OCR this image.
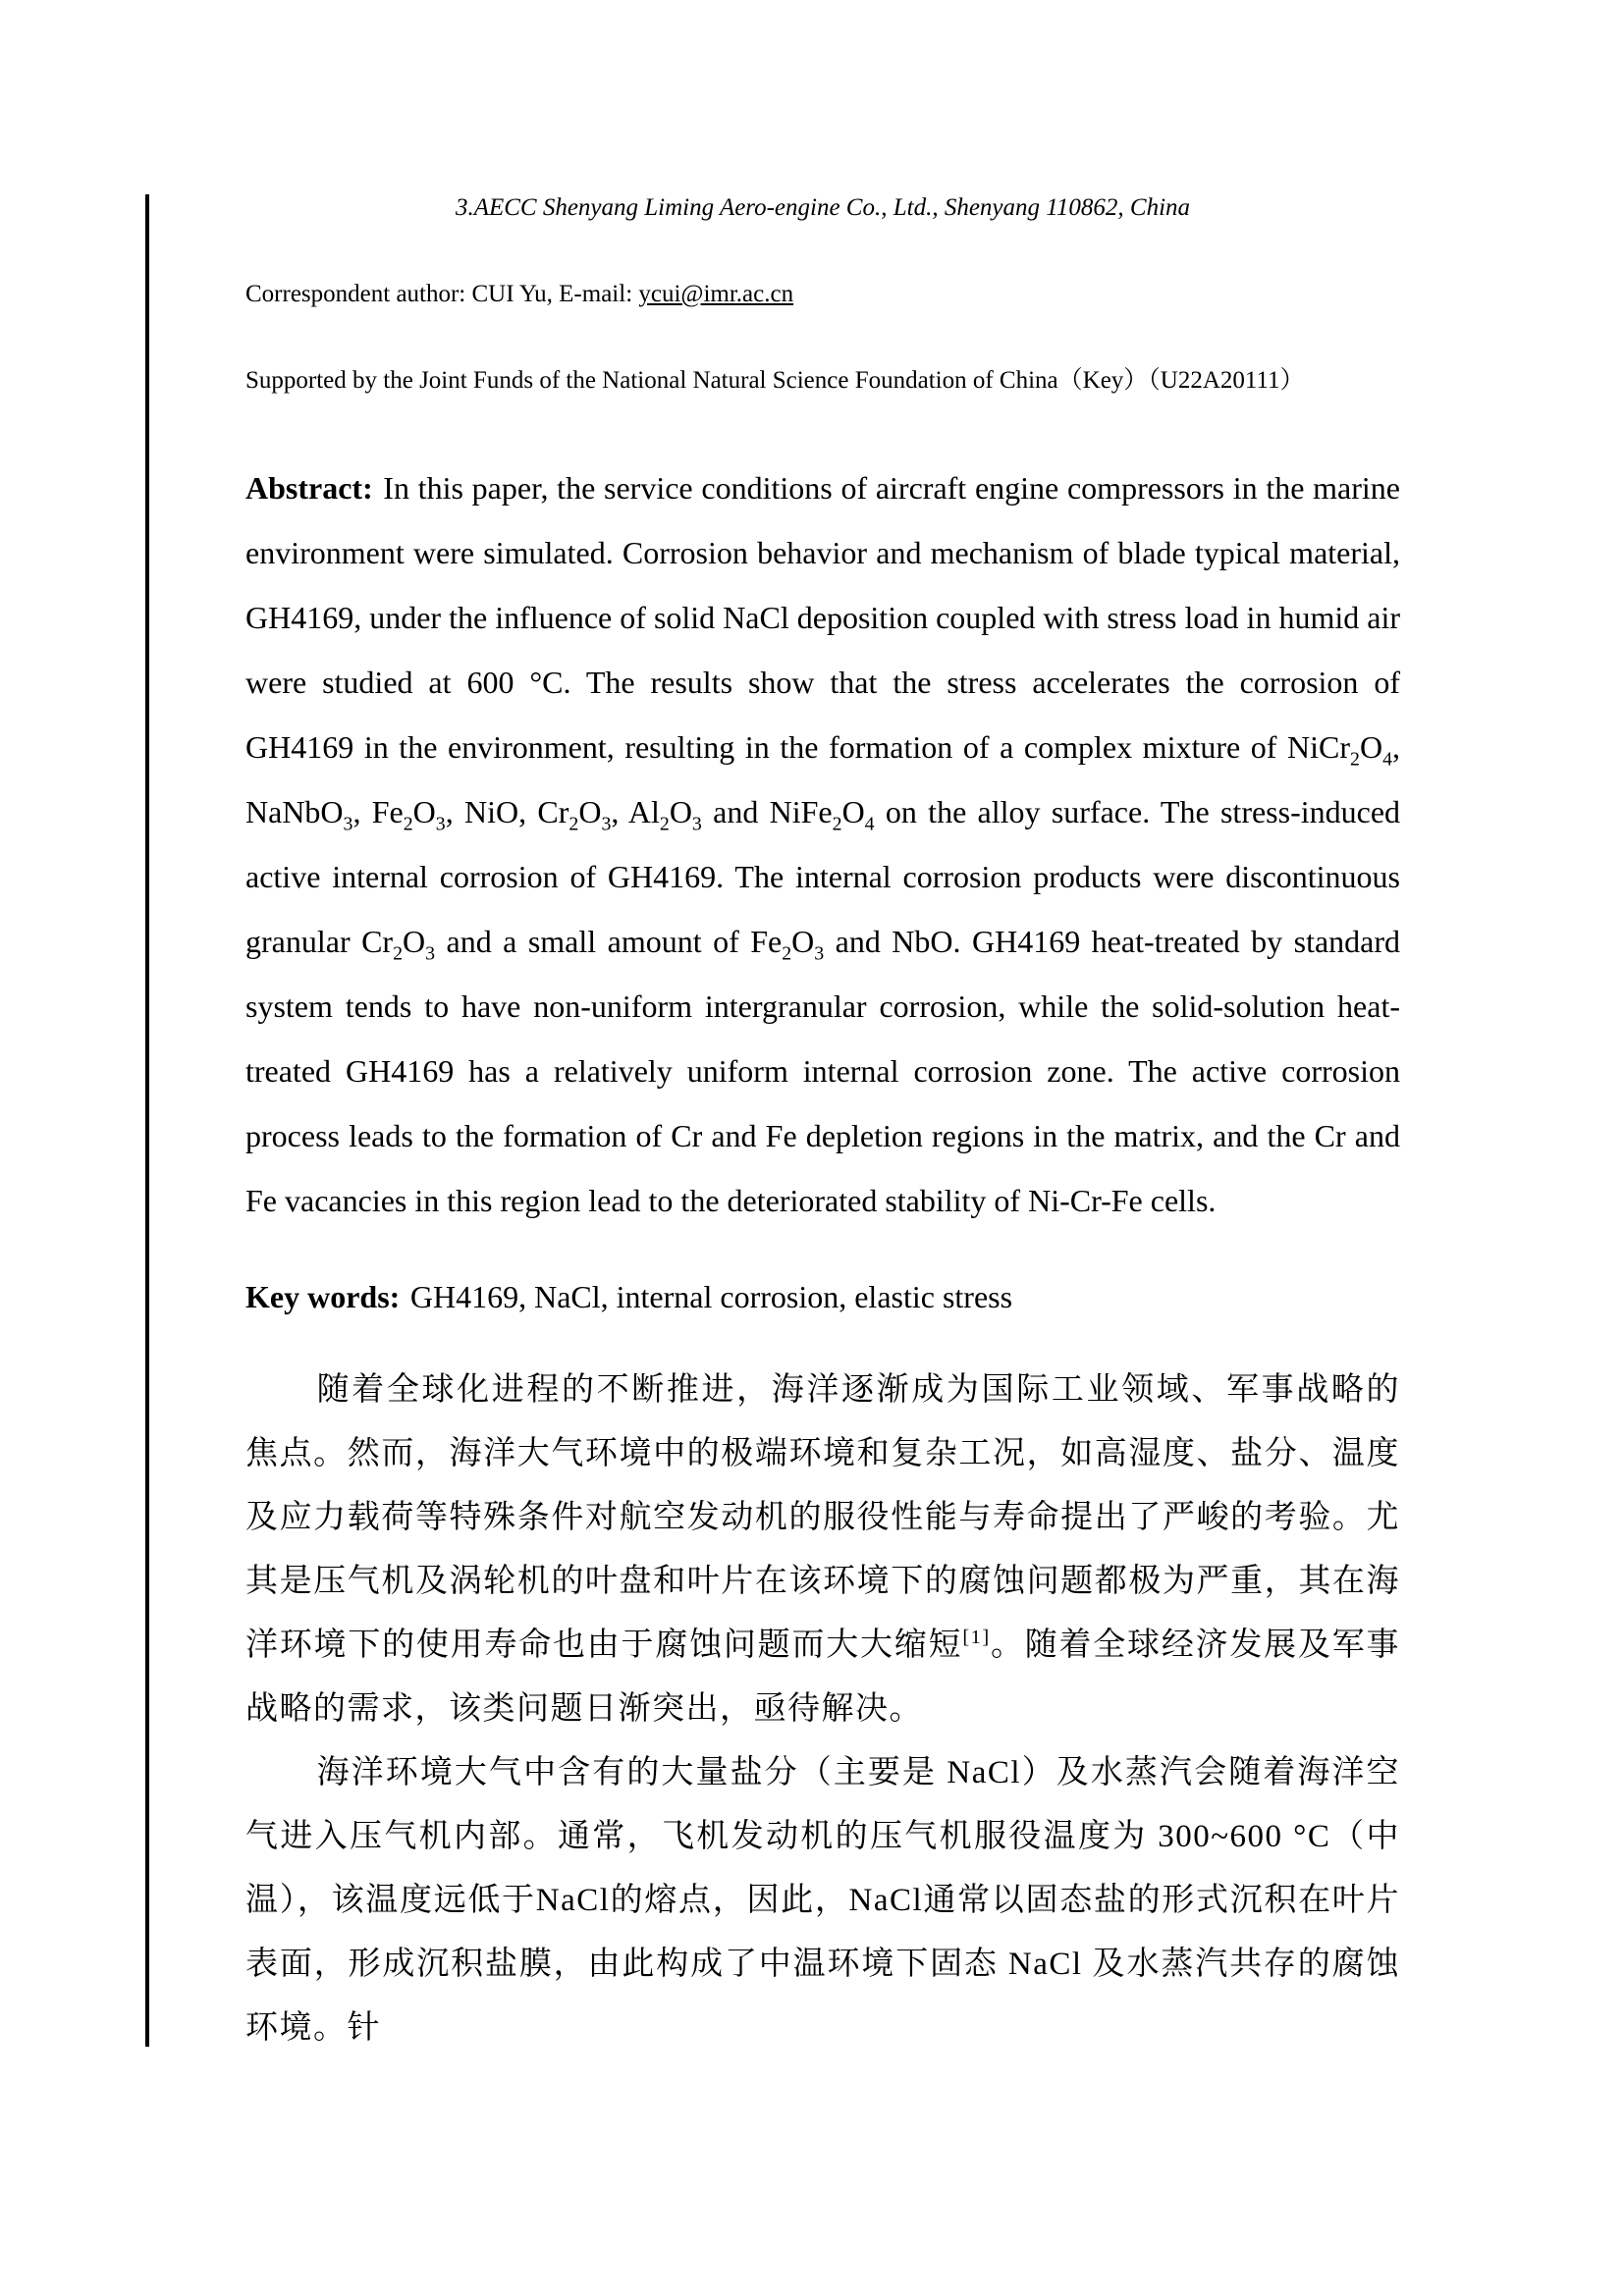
3.AECC Shenyang Liming Aero-engine Co., Ltd., Shenyang 110862, China

Correspondent author: CUI Yu, E-mail: ycui@imr.ac.cn

Supported by the Joint Funds of the National Natural Science Foundation of China（Key）（U22A20111）

Abstract: In this paper, the service conditions of aircraft engine compressors in the marine environment were simulated. Corrosion behavior and mechanism of blade typical material, GH4169, under the influence of solid NaCl deposition coupled with stress load in humid air were studied at 600 °C. The results show that the stress accelerates the corrosion of GH4169 in the environment, resulting in the formation of a complex mixture of $NiCr_2O_4$, NaNbO$_3$, $Fe_2O_3$, NiO, $Cr_2O_3$, $Al_2O_3$ and $NiFe_2O_4$ on the alloy surface. The stress-induced active internal corrosion of GH4169. The internal corrosion products were discontinuous granular $Cr_2O_3$ and a small amount of $Fe_2O_3$ and NbO. GH4169 heat-treated by standard system tends to have non-uniform intergranular corrosion, while the solid-solution heat-treated GH4169 has a relatively uniform internal corrosion zone. The active corrosion process leads to the formation of Cr and Fe depletion regions in the matrix, and the Cr and Fe vacancies in this region lead to the deteriorated stability of Ni-Cr-Fe cells.

Key words: GH4169, NaCl, internal corrosion, elastic stress

随着全球化进程的不断推进，海洋逐渐成为国际工业领域、军事战略的焦点。然而，海洋大气环境中的极端环境和复杂工况，如高湿度、盐分、温度及应力载荷等特殊条件对航空发动机的服役性能与寿命提出了严峻的考验。尤其是压气机及涡轮机的叶盘和叶片在该环境下的腐蚀问题都极为严重，其在海洋环境下的使用寿命也由于腐蚀问题而大大缩短[1]。随着全球经济发展及军事战略的需求，该类问题日渐突出，亟待解决。

海洋环境大气中含有的大量盐分（主要是 NaCl）及水蒸汽会随着海洋空气进入压气机内部。通常，飞机发动机的压气机服役温度为 300~600 °C（中温），该温度远低于NaCl的熔点，因此，NaCl通常以固态盐的形式沉积在叶片表面，形成沉积盐膜，由此构成了中温环境下固态 NaCl 及水蒸汽共存的腐蚀环境。针
